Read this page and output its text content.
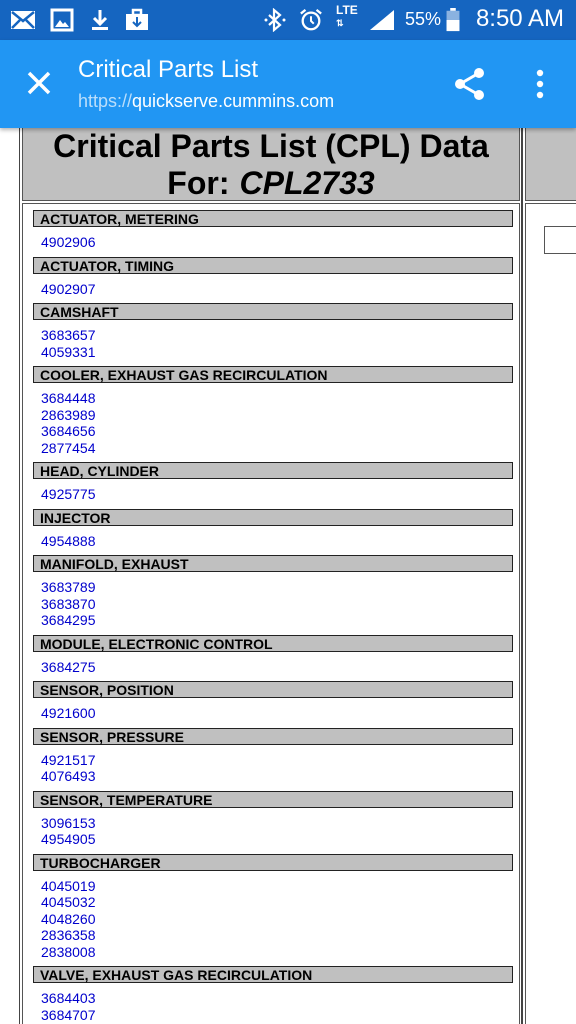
LTE
⇅	55% 8:50 AM
Critical Parts List
https://quickserve.cummins.com
Critical Parts List (CPL) Data
For: CPL2733
ACTUATOR, METERING
4902906
ACTUATOR, TIMING
4902907
CAMSHAFT
3683657
4059331
COOLER, EXHAUST GAS RECIRCULATION
3684448
2863989
3684656
2877454
HEAD, CYLINDER
4925775
INJECTOR
4954888
MANIFOLD, EXHAUST
3683789
3683870
3684295
MODULE, ELECTRONIC CONTROL
3684275
SENSOR, POSITION
4921600
SENSOR, PRESSURE
4921517
4076493
SENSOR, TEMPERATURE
3096153
4954905
TURBOCHARGER
4045019
4045032
4048260
2836358
2838008
VALVE, EXHAUST GAS RECIRCULATION
3684403
3684707
